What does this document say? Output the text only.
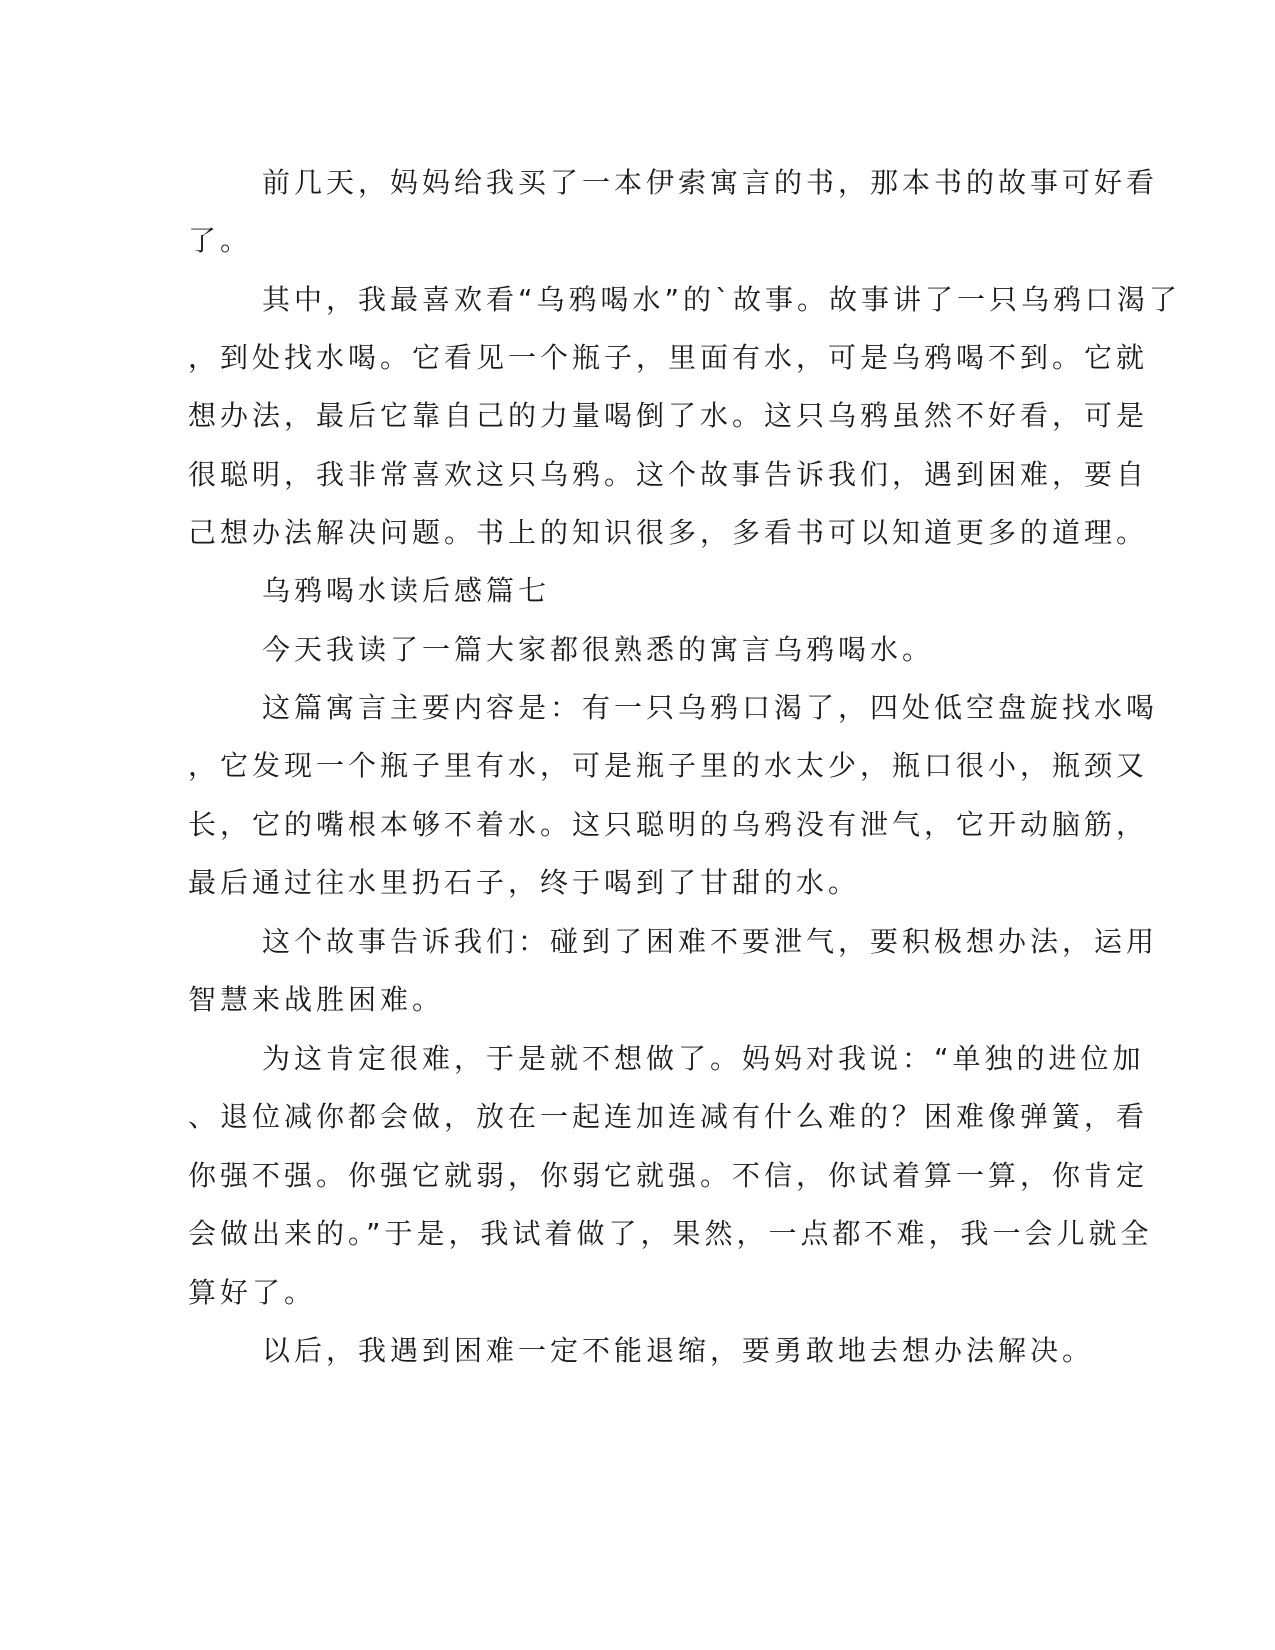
前几天，妈妈给我买了一本伊索寓言的书，那本书的故事可好看

了。

其中，我最喜欢看“乌鸦喝水”的`故事。故事讲了一只乌鸦口渴了

，到处找水喝。它看见一个瓶子，里面有水，可是乌鸦喝不到。它就

想办法，最后它靠自己的力量喝倒了水。这只乌鸦虽然不好看，可是

很聪明，我非常喜欢这只乌鸦。这个故事告诉我们，遇到困难，要自

己想办法解决问题。书上的知识很多，多看书可以知道更多的道理。

乌鸦喝水读后感篇七

今天我读了一篇大家都很熟悉的寓言乌鸦喝水。

这篇寓言主要内容是：有一只乌鸦口渴了，四处低空盘旋找水喝

，它发现一个瓶子里有水，可是瓶子里的水太少，瓶口很小，瓶颈又

长，它的嘴根本够不着水。这只聪明的乌鸦没有泄气，它开动脑筋，

最后通过往水里扔石子，终于喝到了甘甜的水。

这个故事告诉我们：碰到了困难不要泄气，要积极想办法，运用

智慧来战胜困难。

为这肯定很难，于是就不想做了。妈妈对我说：“单独的进位加

、退位减你都会做，放在一起连加连减有什么难的？困难像弹簧，看

你强不强。你强它就弱，你弱它就强。不信，你试着算一算，你肯定

会做出来的。”于是，我试着做了，果然，一点都不难，我一会儿就全

算好了。

以后，我遇到困难一定不能退缩，要勇敢地去想办法解决。
